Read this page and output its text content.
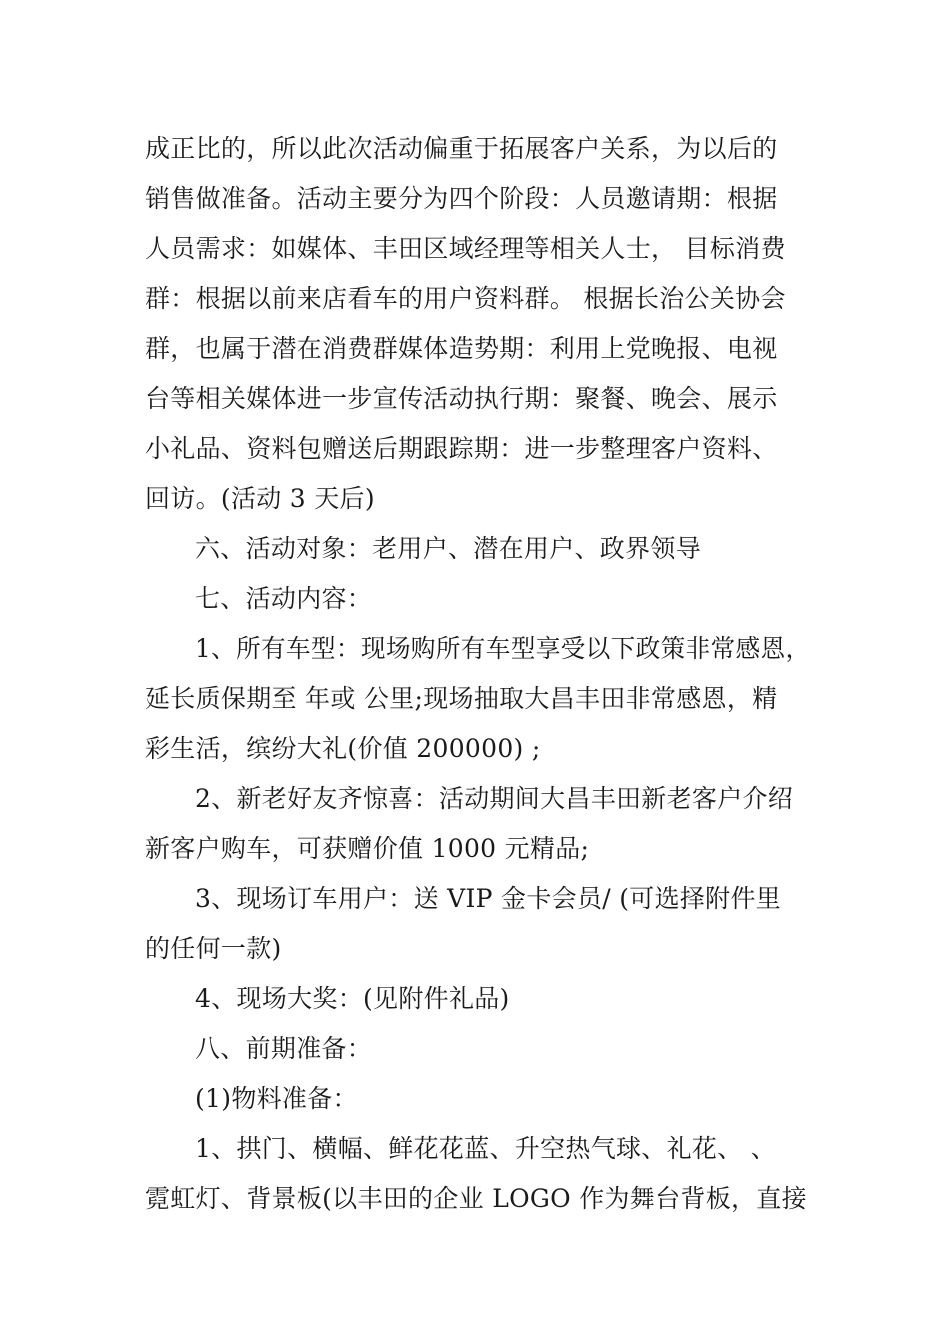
成正比的，所以此次活动偏重于拓展客户关系，为以后的
销售做准备。活动主要分为四个阶段：人员邀请期：根据
人员需求：如媒体、丰田区域经理等相关人士， 目标消费
群：根据以前来店看车的用户资料群。 根据长治公关协会
群，也属于潜在消费群媒体造势期：利用上党晚报、电视
台等相关媒体进一步宣传活动执行期：聚餐、晚会、展示
小礼品、资料包赠送后期跟踪期：进一步整理客户资料、
回访。(活动 3 天后)
六、活动对象：老用户、潜在用户、政界领导
七、活动内容：
1、所有车型：现场购所有车型享受以下政策非常感恩，
延长质保期至 年或 公里;现场抽取大昌丰田非常感恩，精
彩生活，缤纷大礼(价值 200000) ;
2、新老好友齐惊喜：活动期间大昌丰田新老客户介绍
新客户购车，可获赠价值 1000 元精品;
3、现场订车用户：送 VIP 金卡会员/ (可选择附件里
的任何一款)
4、现场大奖：(见附件礼品)
八、前期准备：
(1)物料准备：
1、拱门、横幅、鲜花花蓝、升空热气球、礼花、 、
霓虹灯、背景板(以丰田的企业 LOGO 作为舞台背板，直接
